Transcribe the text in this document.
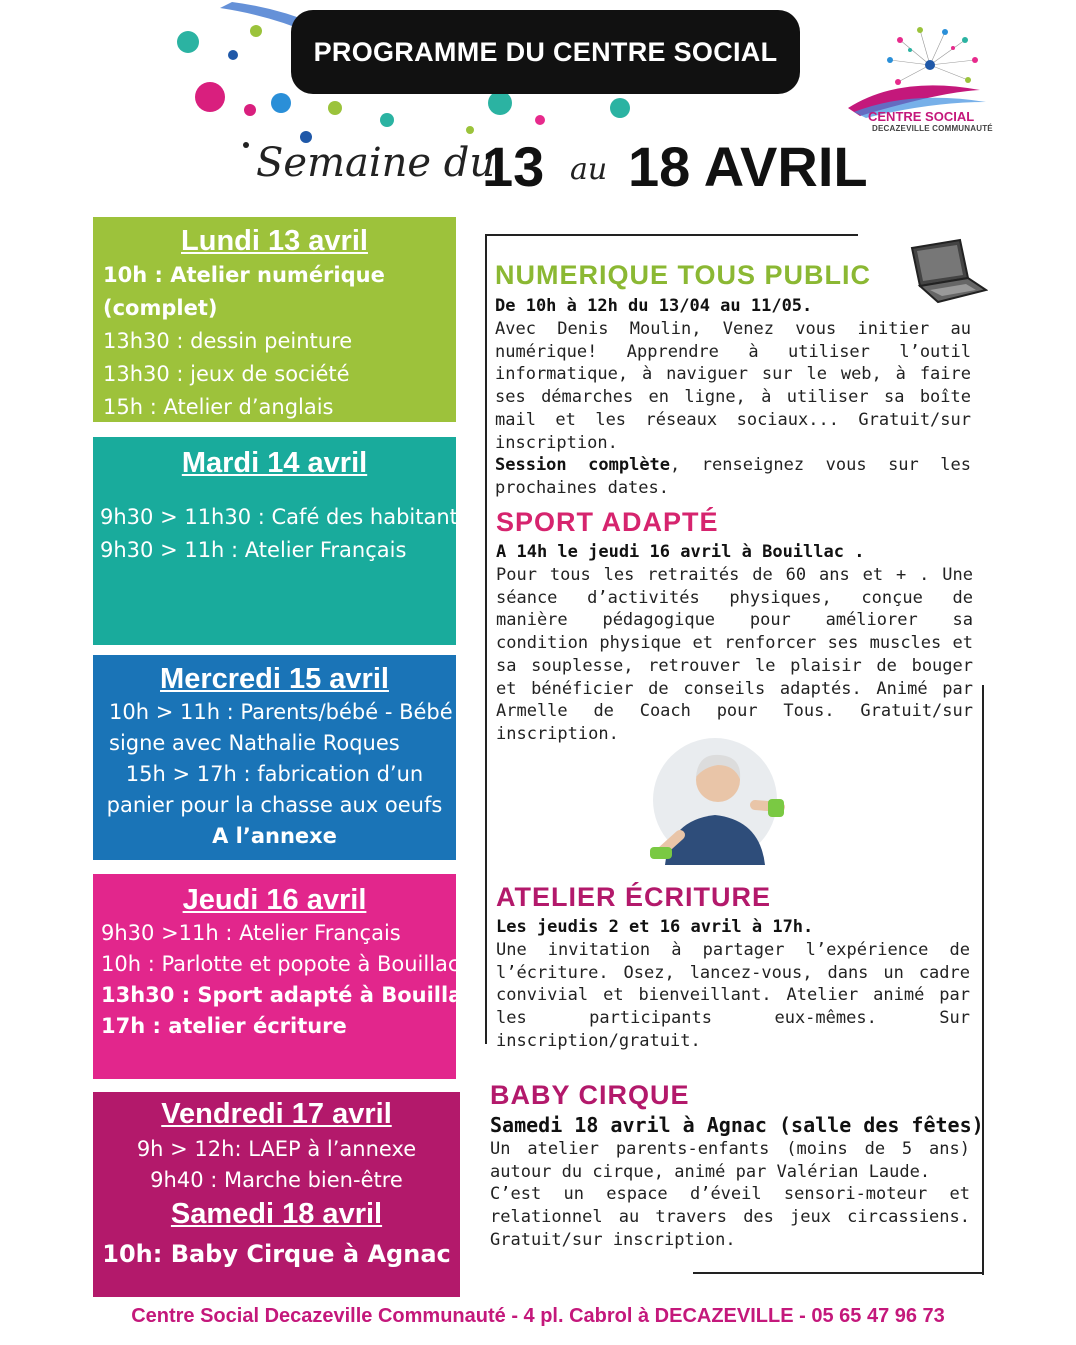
PROGRAMME DU CENTRE SOCIAL
CENTRE SOCIAL
DECAZEVILLE COMMUNAUTÉ
Semaine du
13 au 18 AVRIL

Lundi 13 avril

10h : Atelier numérique
(complet)
13h30 : dessin peinture
13h30 : jeux de société
15h : Atelier d’anglais

Mardi 14 avril

9h30 > 11h30 : Café des habitants
9h30 > 11h : Atelier Français

Mercredi 15 avril

10h > 11h : Parents/bébé - Bébé
signe avec Nathalie Roques
15h > 17h : fabrication d’un
panier pour la chasse aux oeufs
A l’annexe

Jeudi 16 avril

9h30 >11h : Atelier Français
10h : Parlotte et popote à Bouillac
13h30 : Sport adapté à Bouillac
17h : atelier écriture

Vendredi 17 avril

9h > 12h: LAEP à l’annexe
9h40 : Marche bien-être

Samedi 18 avril

10h: Baby Cirque à Agnac
NUMERIQUE TOUS PUBLIC
De 10h à 12h du 13/04 au 11/05.
Avec Denis Moulin, Venez vous initier au numérique! Apprendre à utiliser l’outil informatique, à naviguer sur le web, à faire ses démarches en ligne, à utiliser sa boîte mail et les réseaux sociaux... Gratuit/sur inscription.
Session complète, renseignez vous sur les prochaines dates.
SPORT ADAPTÉ
A 14h le jeudi 16 avril à Bouillac .
Pour tous les retraités de 60 ans et + . Une séance d’activités physiques, conçue de manière pédagogique pour améliorer sa condition physique et renforcer ses muscles et sa souplesse, retrouver le plaisir de bouger et bénéficier de conseils adaptés. Animé par Armelle de Coach pour Tous. Gratuit/sur inscription.
ATELIER ÉCRITURE
Les jeudis 2 et 16 avril à 17h.
Une invitation à partager l’expérience de l’écriture. Osez, lancez-vous, dans un cadre convivial et bienveillant. Atelier animé par les participants eux-mêmes. Sur inscription/gratuit.
BABY CIRQUE
Samedi 18 avril à Agnac (salle des fêtes)
Un atelier parents-enfants (moins de 5 ans) autour du cirque, animé par Valérian Laude.
C’est un espace d’éveil sensori-moteur et relationnel au travers des jeux circassiens. Gratuit/sur inscription.
Centre Social Decazeville Communauté - 4 pl. Cabrol à DECAZEVILLE - 05 65 47 96 73
